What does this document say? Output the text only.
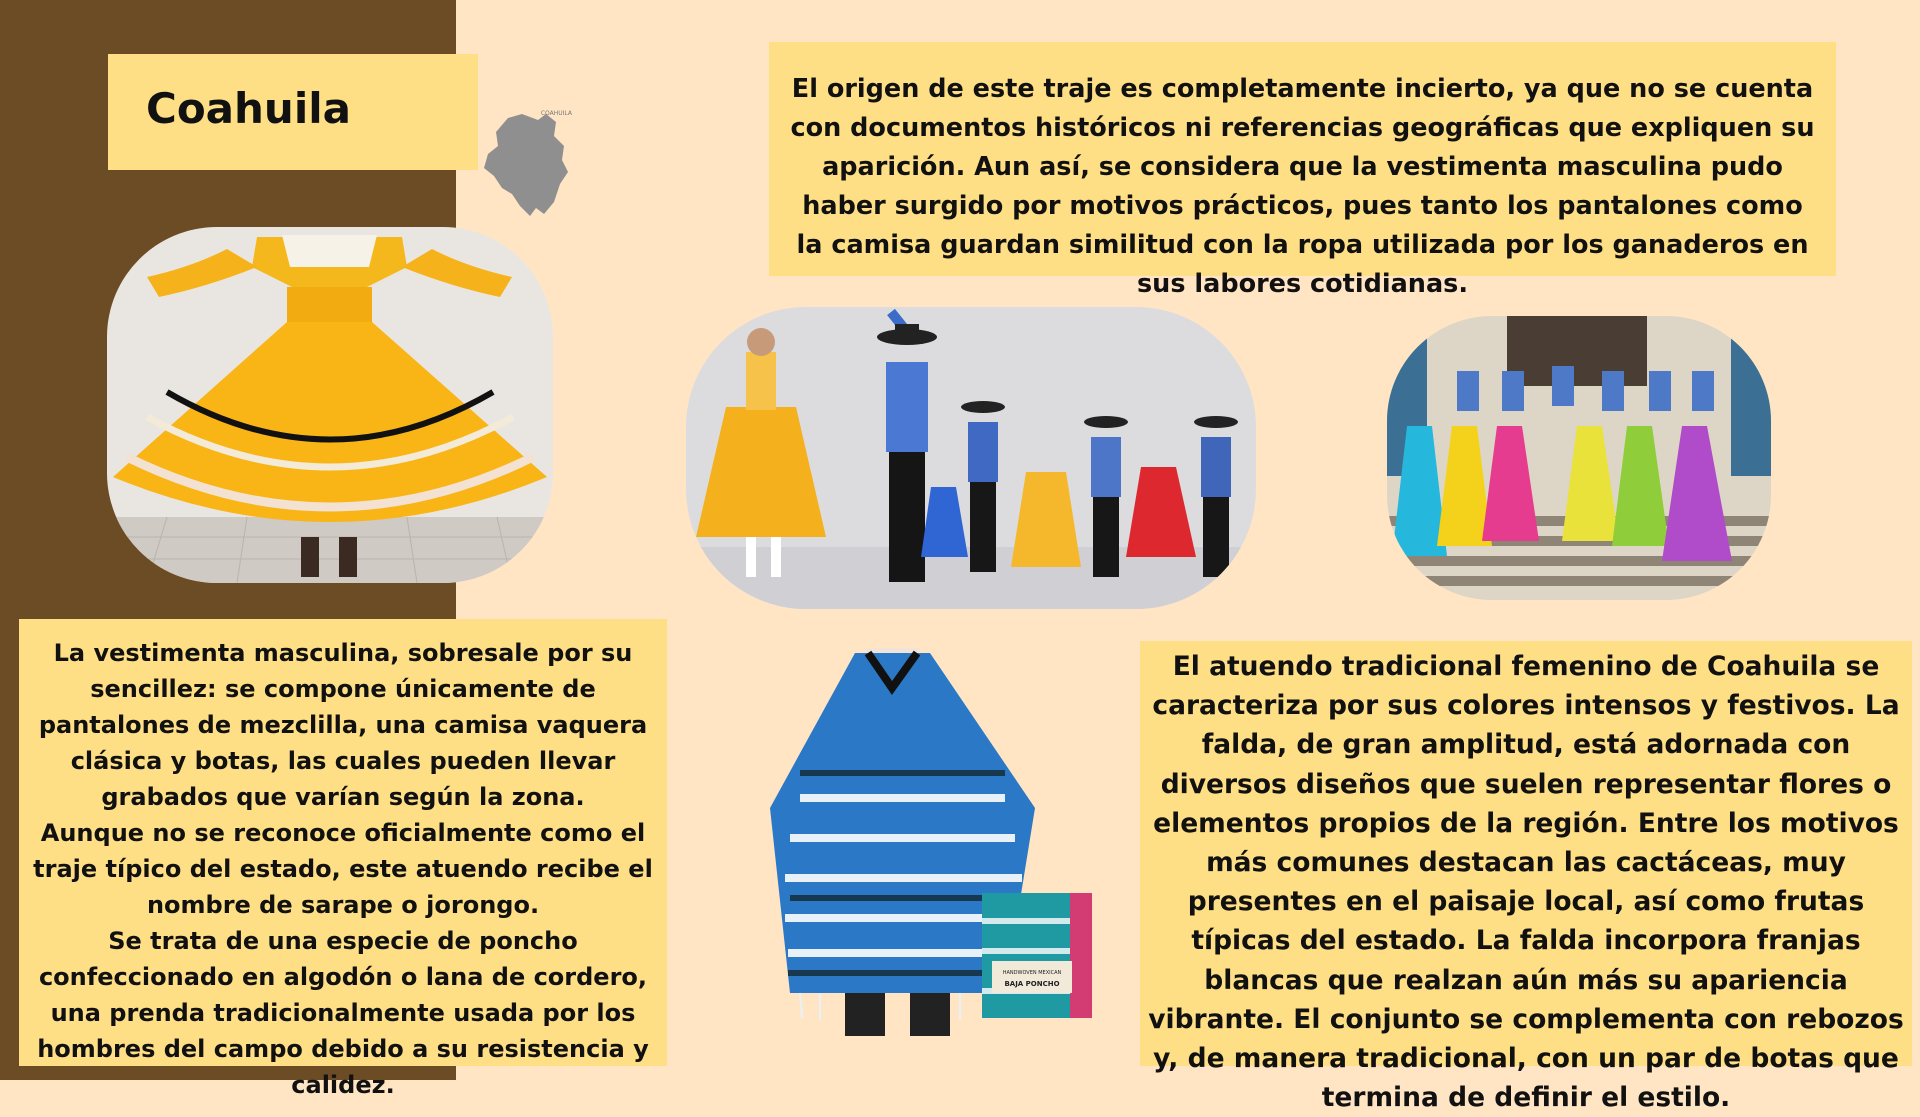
Coahuila	COAHUILA
El origen de este traje es completamente incierto, ya que no se cuenta con documentos históricos ni referencias geográficas que expliquen su aparición. Aun así, se considera que la vestimenta masculina pudo haber surgido por motivos prácticos, pues tanto los pantalones como la camisa guardan similitud con la ropa utilizada por los ganaderos en sus labores cotidianas.
La vestimenta masculina, sobresale por su sencillez: se compone únicamente de pantalones de mezclilla, una camisa vaquera clásica y botas, las cuales pueden llevar grabados que varían según la zona.
Aunque no se reconoce oficialmente como el traje típico del estado, este atuendo recibe el nombre de sarape o jorongo.
Se trata de una especie de poncho confeccionado en algodón o lana de cordero, una prenda tradicionalmente usada por los hombres del campo debido a su resistencia y calidez.
HANDWOVEN MEXICAN
BAJA PONCHO
El atuendo tradicional femenino de Coahuila se caracteriza por sus colores intensos y festivos. La falda, de gran amplitud, está adornada con diversos diseños que suelen representar flores o elementos propios de la región. Entre los motivos más comunes destacan las cactáceas, muy presentes en el paisaje local, así como frutas típicas del estado. La falda incorpora franjas blancas que realzan aún más su apariencia vibrante. El conjunto se complementa con rebozos y, de manera tradicional, con un par de botas que termina de definir el estilo.
